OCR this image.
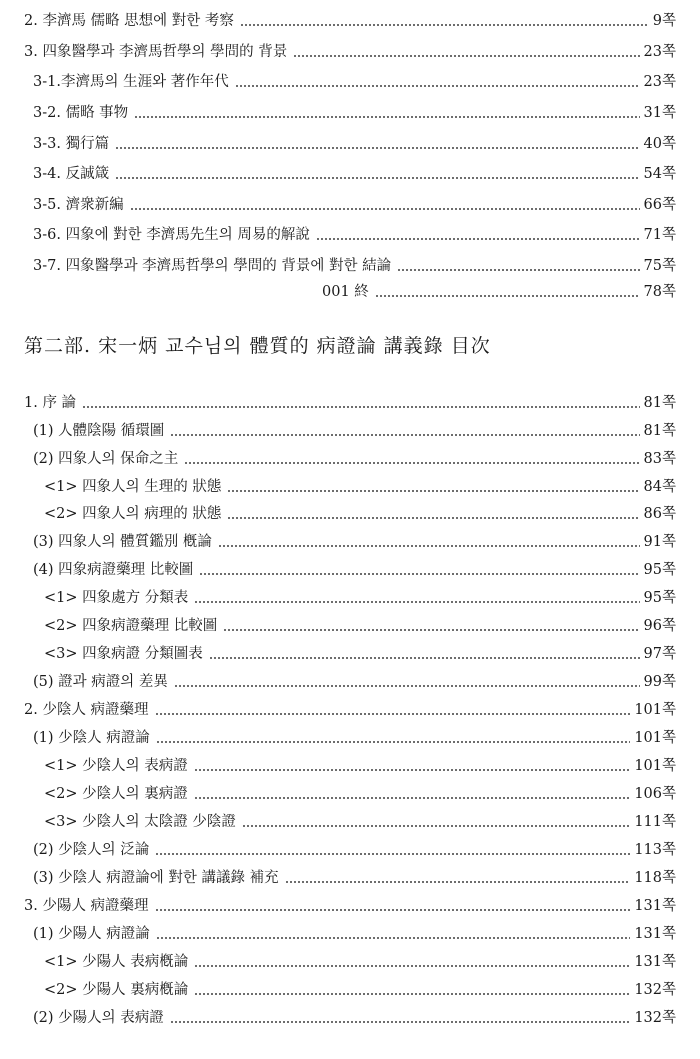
2. 李濟馬 儒略 思想에 對한 考察	9쪽
3. 四象醫學과 李濟馬哲學의 學問的 背景	23쪽
3-1.李濟馬의 生涯와 著作年代	23쪽
3-2. 儒略 事物	31쪽
3-3. 獨行篇	40쪽
3-4. 反誠箴	54쪽
3-5. 濟衆新編	66쪽
3-6. 四象에 對한 李濟馬先生의 周易的解說	71쪽
3-7. 四象醫學과 李濟馬哲學의 學問的 背景에 對한 結論	75쪽
001 終	78쪽
第二部. 宋一炳 교수님의 體質的 病證論 講義錄 目次
1. 序 論	81쪽
(1) 人體陰陽 循環圖	81쪽
(2) 四象人의 保命之主	83쪽
<1> 四象人의 生理的 狀態	84쪽
<2> 四象人의 病理的 狀態	86쪽
(3) 四象人의 體質鑑別 槪論	91쪽
(4) 四象病證藥理 比較圖	95쪽
<1> 四象處方 分類表	95쪽
<2> 四象病證藥理 比較圖	96쪽
<3> 四象病證 分類圖表	97쪽
(5) 證과 病證의 差異	99쪽
2. 少陰人 病證藥理	101쪽
(1) 少陰人 病證論	101쪽
<1> 少陰人의 表病證	101쪽
<2> 少陰人의 裏病證	106쪽
<3> 少陰人의 太陰證 少陰證	111쪽
(2) 少陰人의 泛論	113쪽
(3) 少陰人 病證論에 對한 講議錄 補充	118쪽
3. 少陽人 病證藥理	131쪽
(1) 少陽人 病證論	131쪽
<1> 少陽人 表病槪論	131쪽
<2> 少陽人 裏病槪論	132쪽
(2) 少陽人의 表病證	132쪽
